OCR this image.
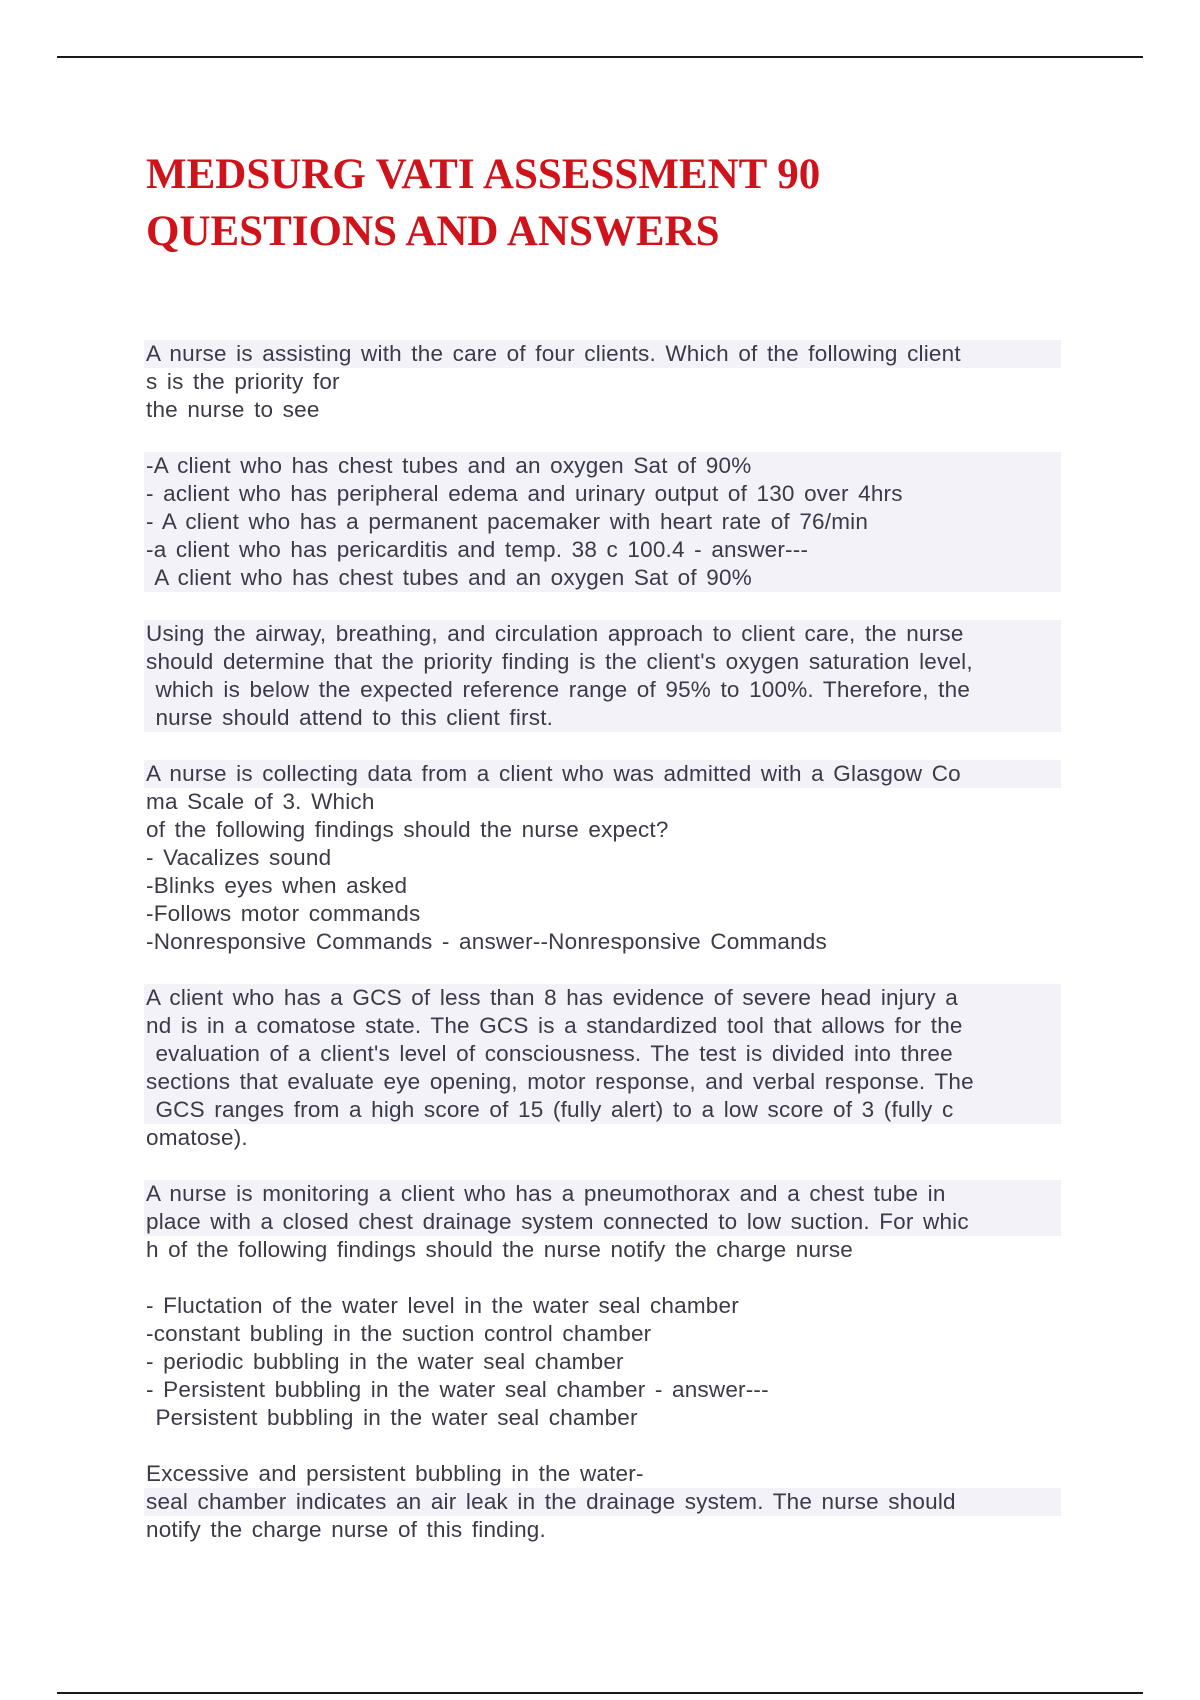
MEDSURG VATI ASSESSMENT 90
QUESTIONS AND ANSWERS
A nurse is assisting with the care of four clients. Which of the following client
s is the priority for
the nurse to see
-A client who has chest tubes and an oxygen Sat of 90%
- aclient who has peripheral edema and urinary output of 130 over 4hrs
- A client who has a permanent pacemaker with heart rate of 76/min
-a client who has pericarditis and temp. 38 c 100.4 - answer---
A client who has chest tubes and an oxygen Sat of 90%
Using the airway, breathing, and circulation approach to client care, the nurse
should determine that the priority finding is the client's oxygen saturation level,
which is below the expected reference range of 95% to 100%. Therefore, the
nurse should attend to this client first.
A nurse is collecting data from a client who was admitted with a Glasgow Co
ma Scale of 3. Which
of the following findings should the nurse expect?
- Vacalizes sound
-Blinks eyes when asked
-Follows motor commands
-Nonresponsive Commands - answer--Nonresponsive Commands
A client who has a GCS of less than 8 has evidence of severe head injury a
nd is in a comatose state. The GCS is a standardized tool that allows for the
evaluation of a client's level of consciousness. The test is divided into three
sections that evaluate eye opening, motor response, and verbal response. The
GCS ranges from a high score of 15 (fully alert) to a low score of 3 (fully c
omatose).
A nurse is monitoring a client who has a pneumothorax and a chest tube in
place with a closed chest drainage system connected to low suction. For whic
h of the following findings should the nurse notify the charge nurse
- Fluctation of the water level in the water seal chamber
-constant bubling in the suction control chamber
- periodic bubbling in the water seal chamber
- Persistent bubbling in the water seal chamber - answer---
Persistent bubbling in the water seal chamber
Excessive and persistent bubbling in the water-
seal chamber indicates an air leak in the drainage system. The nurse should
notify the charge nurse of this finding.
